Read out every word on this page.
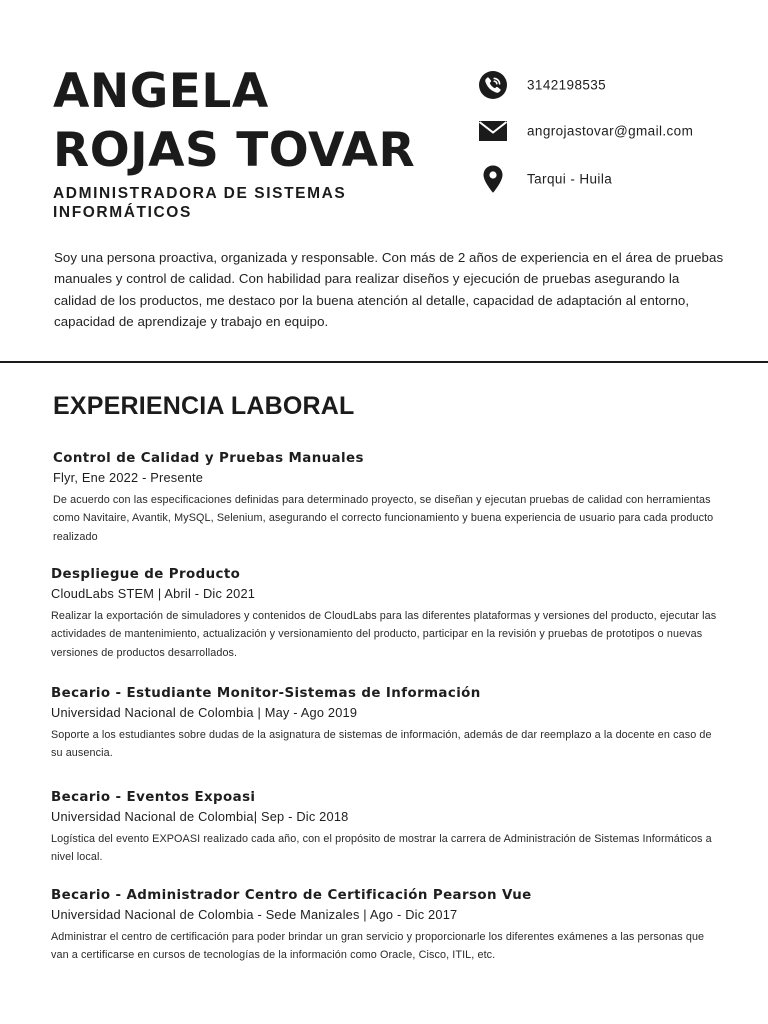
ANGELA
ROJAS TOVAR
ADMINISTRADORA DE SISTEMAS INFORMÁTICOS
3142198535
angrojastovar@gmail.com
Tarqui - Huila

Soy una persona proactiva, organizada y responsable. Con más de 2 años de experiencia en el área de pruebas manuales y control de calidad. Con habilidad para realizar diseños y ejecución de pruebas asegurando la calidad de los productos, me destaco por la buena atención al detalle, capacidad de adaptación al entorno, capacidad de aprendizaje y trabajo en equipo.

EXPERIENCIA LABORAL
Control de Calidad y Pruebas Manuales

Flyr, Ene 2022 - Presente

De acuerdo con las especificaciones definidas para determinado proyecto, se diseñan y ejecutan pruebas de calidad con herramientas como Navitaire, Avantik, MySQL, Selenium, asegurando el correcto funcionamiento y buena experiencia de usuario para cada producto realizado

Despliegue de Producto

CloudLabs STEM | Abril - Dic 2021

Realizar la exportación de simuladores y contenidos de CloudLabs para las diferentes plataformas y versiones del producto, ejecutar las actividades de mantenimiento, actualización y versionamiento del producto, participar en la revisión y pruebas de prototipos o nuevas versiones de productos desarrollados.

Becario - Estudiante Monitor-Sistemas de Información

Universidad Nacional de Colombia | May - Ago 2019

Soporte a los estudiantes sobre dudas de la asignatura de sistemas de información, además de dar reemplazo a la docente en caso de su ausencia.

Becario - Eventos Expoasi

Universidad Nacional de Colombia| Sep - Dic 2018

Logística del evento EXPOASI realizado cada año, con el propósito de mostrar la carrera de Administración de Sistemas Informáticos a nivel local.

Becario - Administrador Centro de Certificación Pearson Vue

Universidad Nacional de Colombia - Sede Manizales | Ago - Dic 2017

Administrar el centro de certificación para poder brindar un gran servicio y proporcionarle los diferentes exámenes a las personas que van a certificarse en cursos de tecnologías de la información como Oracle, Cisco, ITIL, etc.
